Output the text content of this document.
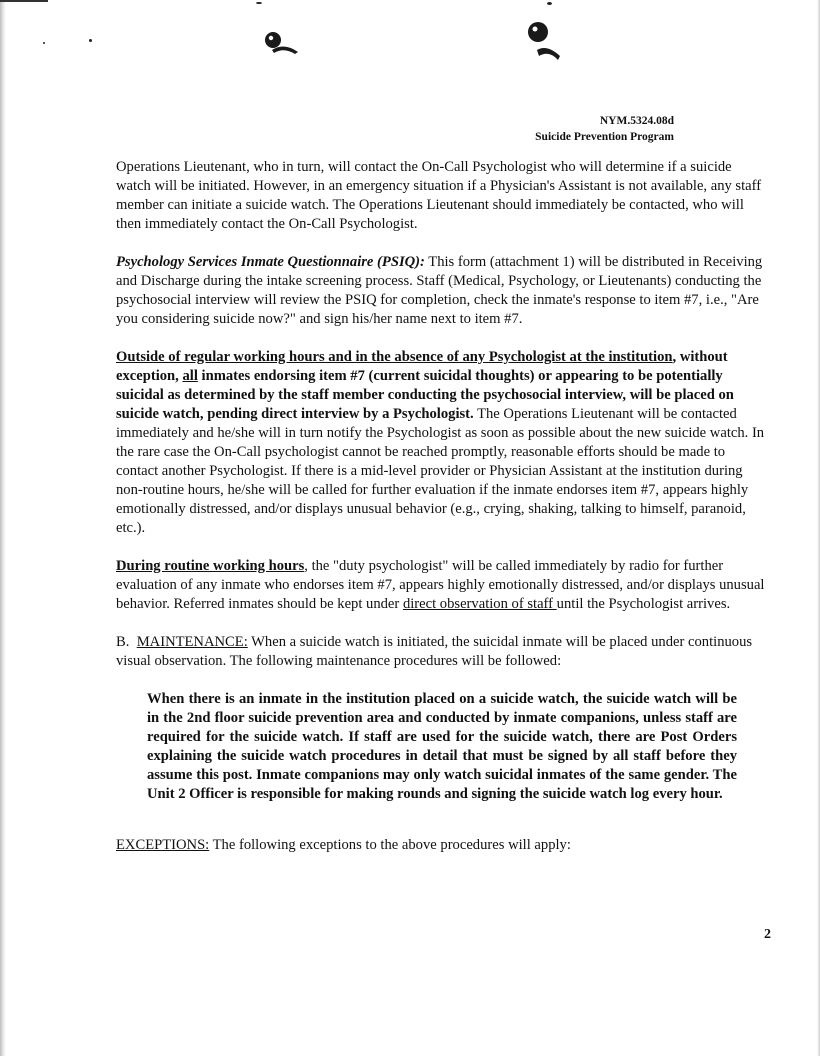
NYM.5324.08d
Suicide Prevention Program

Operations Lieutenant, who in turn, will contact the On-Call Psychologist who will determine if a suicide watch will be initiated. However, in an emergency situation if a Physician's Assistant is not available, any staff member can initiate a suicide watch. The Operations Lieutenant should immediately be contacted, who will then immediately contact the On-Call Psychologist.

Psychology Services Inmate Questionnaire (PSIQ): This form (attachment 1) will be distributed in Receiving and Discharge during the intake screening process. Staff (Medical, Psychology, or Lieutenants) conducting the psychosocial interview will review the PSIQ for completion, check the inmate's response to item #7, i.e., "Are you considering suicide now?" and sign his/her name next to item #7.

Outside of regular working hours and in the absence of any Psychologist at the institution, without exception, all inmates endorsing item #7 (current suicidal thoughts) or appearing to be potentially suicidal as determined by the staff member conducting the psychosocial interview, will be placed on suicide watch, pending direct interview by a Psychologist. The Operations Lieutenant will be contacted immediately and he/she will in turn notify the Psychologist as soon as possible about the new suicide watch. In the rare case the On-Call psychologist cannot be reached promptly, reasonable efforts should be made to contact another Psychologist. If there is a mid-level provider or Physician Assistant at the institution during non-routine hours, he/she will be called for further evaluation if the inmate endorses item #7, appears highly emotionally distressed, and/or displays unusual behavior (e.g., crying, shaking, talking to himself, paranoid, etc.).

During routine working hours, the "duty psychologist" will be called immediately by radio for further evaluation of any inmate who endorses item #7, appears highly emotionally distressed, and/or displays unusual behavior. Referred inmates should be kept under direct observation of staff until the Psychologist arrives.

B. MAINTENANCE: When a suicide watch is initiated, the suicidal inmate will be placed under continuous visual observation. The following maintenance procedures will be followed:

When there is an inmate in the institution placed on a suicide watch, the suicide watch will be in the 2nd floor suicide prevention area and conducted by inmate companions, unless staff are required for the suicide watch. If staff are used for the suicide watch, there are Post Orders explaining the suicide watch procedures in detail that must be signed by all staff before they assume this post. Inmate companions may only watch suicidal inmates of the same gender. The Unit 2 Officer is responsible for making rounds and signing the suicide watch log every hour.

EXCEPTIONS: The following exceptions to the above procedures will apply:

2
